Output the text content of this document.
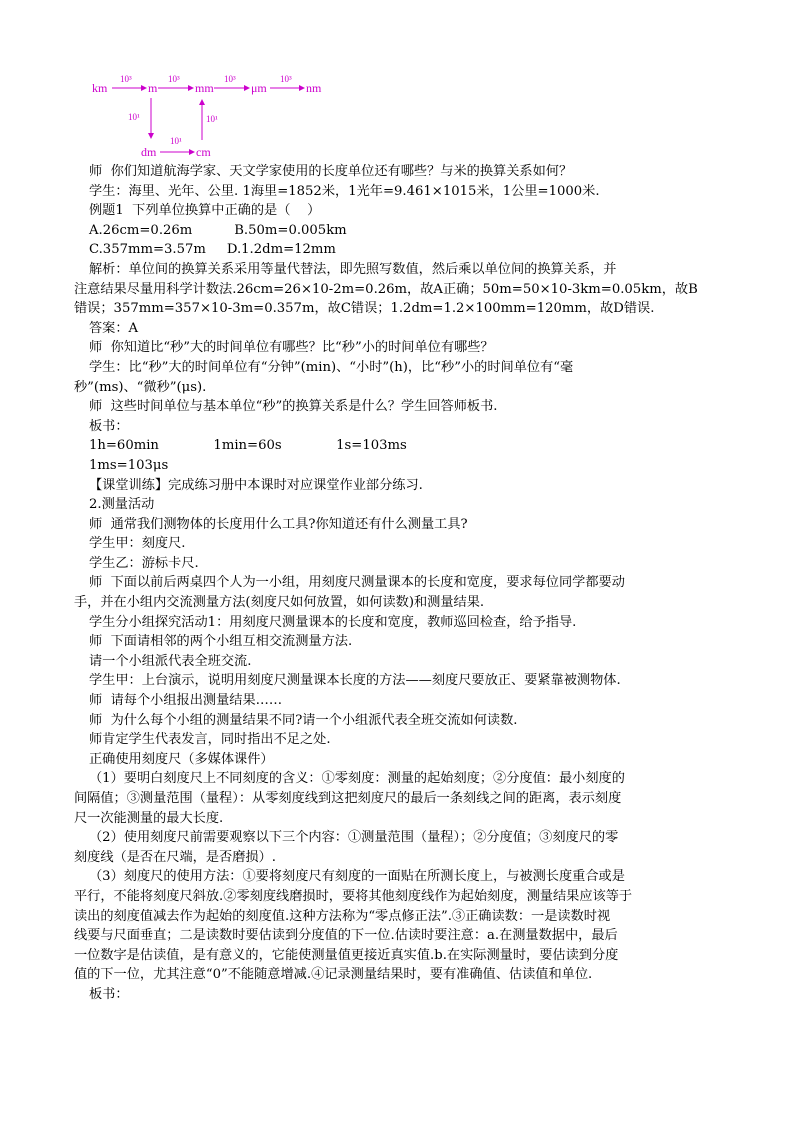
km	m	mm	μm	nm
dm	cm
10³	10³	10³	10³
10¹
10¹
10¹
师  你们知道航海学家、天文学家使用的长度单位还有哪些？与米的换算关系如何？
学生：海里、光年、公里. 1海里=1852米，1光年=9.461×1015米，1公里=1000米.
例题1  下列单位换算中正确的是（    ）
A.26cm=0.26m          B.50m=0.005km
C.357mm=3.57m     D.1.2dm=12mm
解析：单位间的换算关系采用等量代替法，即先照写数值，然后乘以单位间的换算关系，并
注意结果尽量用科学计数法.26cm=26×10-2m=0.26m，故A正确；50m=50×10-3km=0.05km，故B
错误；357mm=357×10-3m=0.357m，故C错误；1.2dm=1.2×100mm=120mm，故D错误.
答案：A
师  你知道比“秒”大的时间单位有哪些？比“秒”小的时间单位有哪些？
学生：比“秒”大的时间单位有“分钟”(min)、“小时”(h)，比“秒”小的时间单位有“毫
秒”(ms)、“微秒”(μs).
师  这些时间单位与基本单位“秒”的换算关系是什么？学生回答师板书.
板书：
1h=60min             1min=60s             1s=103ms
1ms=103μs
【课堂训练】完成练习册中本课时对应课堂作业部分练习.
2.测量活动
师  通常我们测物体的长度用什么工具?你知道还有什么测量工具?
学生甲：刻度尺.
学生乙：游标卡尺.
师  下面以前后两桌四个人为一小组，用刻度尺测量课本的长度和宽度，要求每位同学都要动
手，并在小组内交流测量方法(刻度尺如何放置，如何读数)和测量结果.
学生分小组探究活动1：用刻度尺测量课本的长度和宽度，教师巡回检查，给予指导.
师  下面请相邻的两个小组互相交流测量方法.
请一个小组派代表全班交流.
学生甲：上台演示，说明用刻度尺测量课本长度的方法——刻度尺要放正、要紧靠被测物体.
师  请每个小组报出测量结果……
师  为什么每个小组的测量结果不同?请一个小组派代表全班交流如何读数.
师肯定学生代表发言，同时指出不足之处.
正确使用刻度尺（多媒体课件）
（1）要明白刻度尺上不同刻度的含义：①零刻度：测量的起始刻度；②分度值：最小刻度的
间隔值；③测量范围（量程）：从零刻度线到这把刻度尺的最后一条刻线之间的距离，表示刻度
尺一次能测量的最大长度.
（2）使用刻度尺前需要观察以下三个内容：①测量范围（量程）；②分度值；③刻度尺的零
刻度线（是否在尺端，是否磨损）.
（3）刻度尺的使用方法：①要将刻度尺有刻度的一面贴在所测长度上，与被测长度重合或是
平行，不能将刻度尺斜放.②零刻度线磨损时，要将其他刻度线作为起始刻度，测量结果应该等于
读出的刻度值减去作为起始的刻度值.这种方法称为“零点修正法”.③正确读数：一是读数时视
线要与尺面垂直；二是读数时要估读到分度值的下一位.估读时要注意：a.在测量数据中，最后
一位数字是估读值，是有意义的，它能使测量值更接近真实值.b.在实际测量时，要估读到分度
值的下一位，尤其注意“0”不能随意增减.④记录测量结果时，要有准确值、估读值和单位.
板书：
